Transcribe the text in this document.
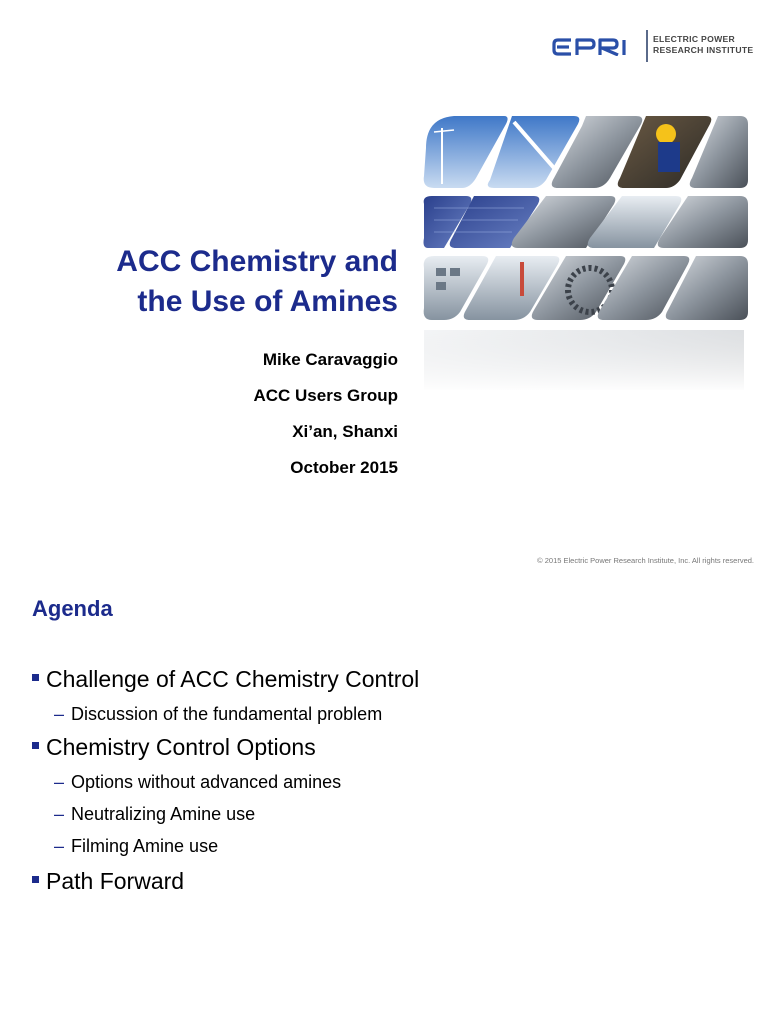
ELECTRIC POWER
RESEARCH INSTITUTE
ACC Chemistry and
the Use of Amines
Mike Caravaggio
ACC Users Group
Xi’an, Shanxi
October 2015
© 2015 Electric Power Research Institute, Inc. All rights reserved.
Agenda
Challenge of ACC Chemistry Control
– Discussion of the fundamental problem
Chemistry Control Options
– Options without advanced amines
– Neutralizing Amine use
– Filming Amine use
Path Forward
